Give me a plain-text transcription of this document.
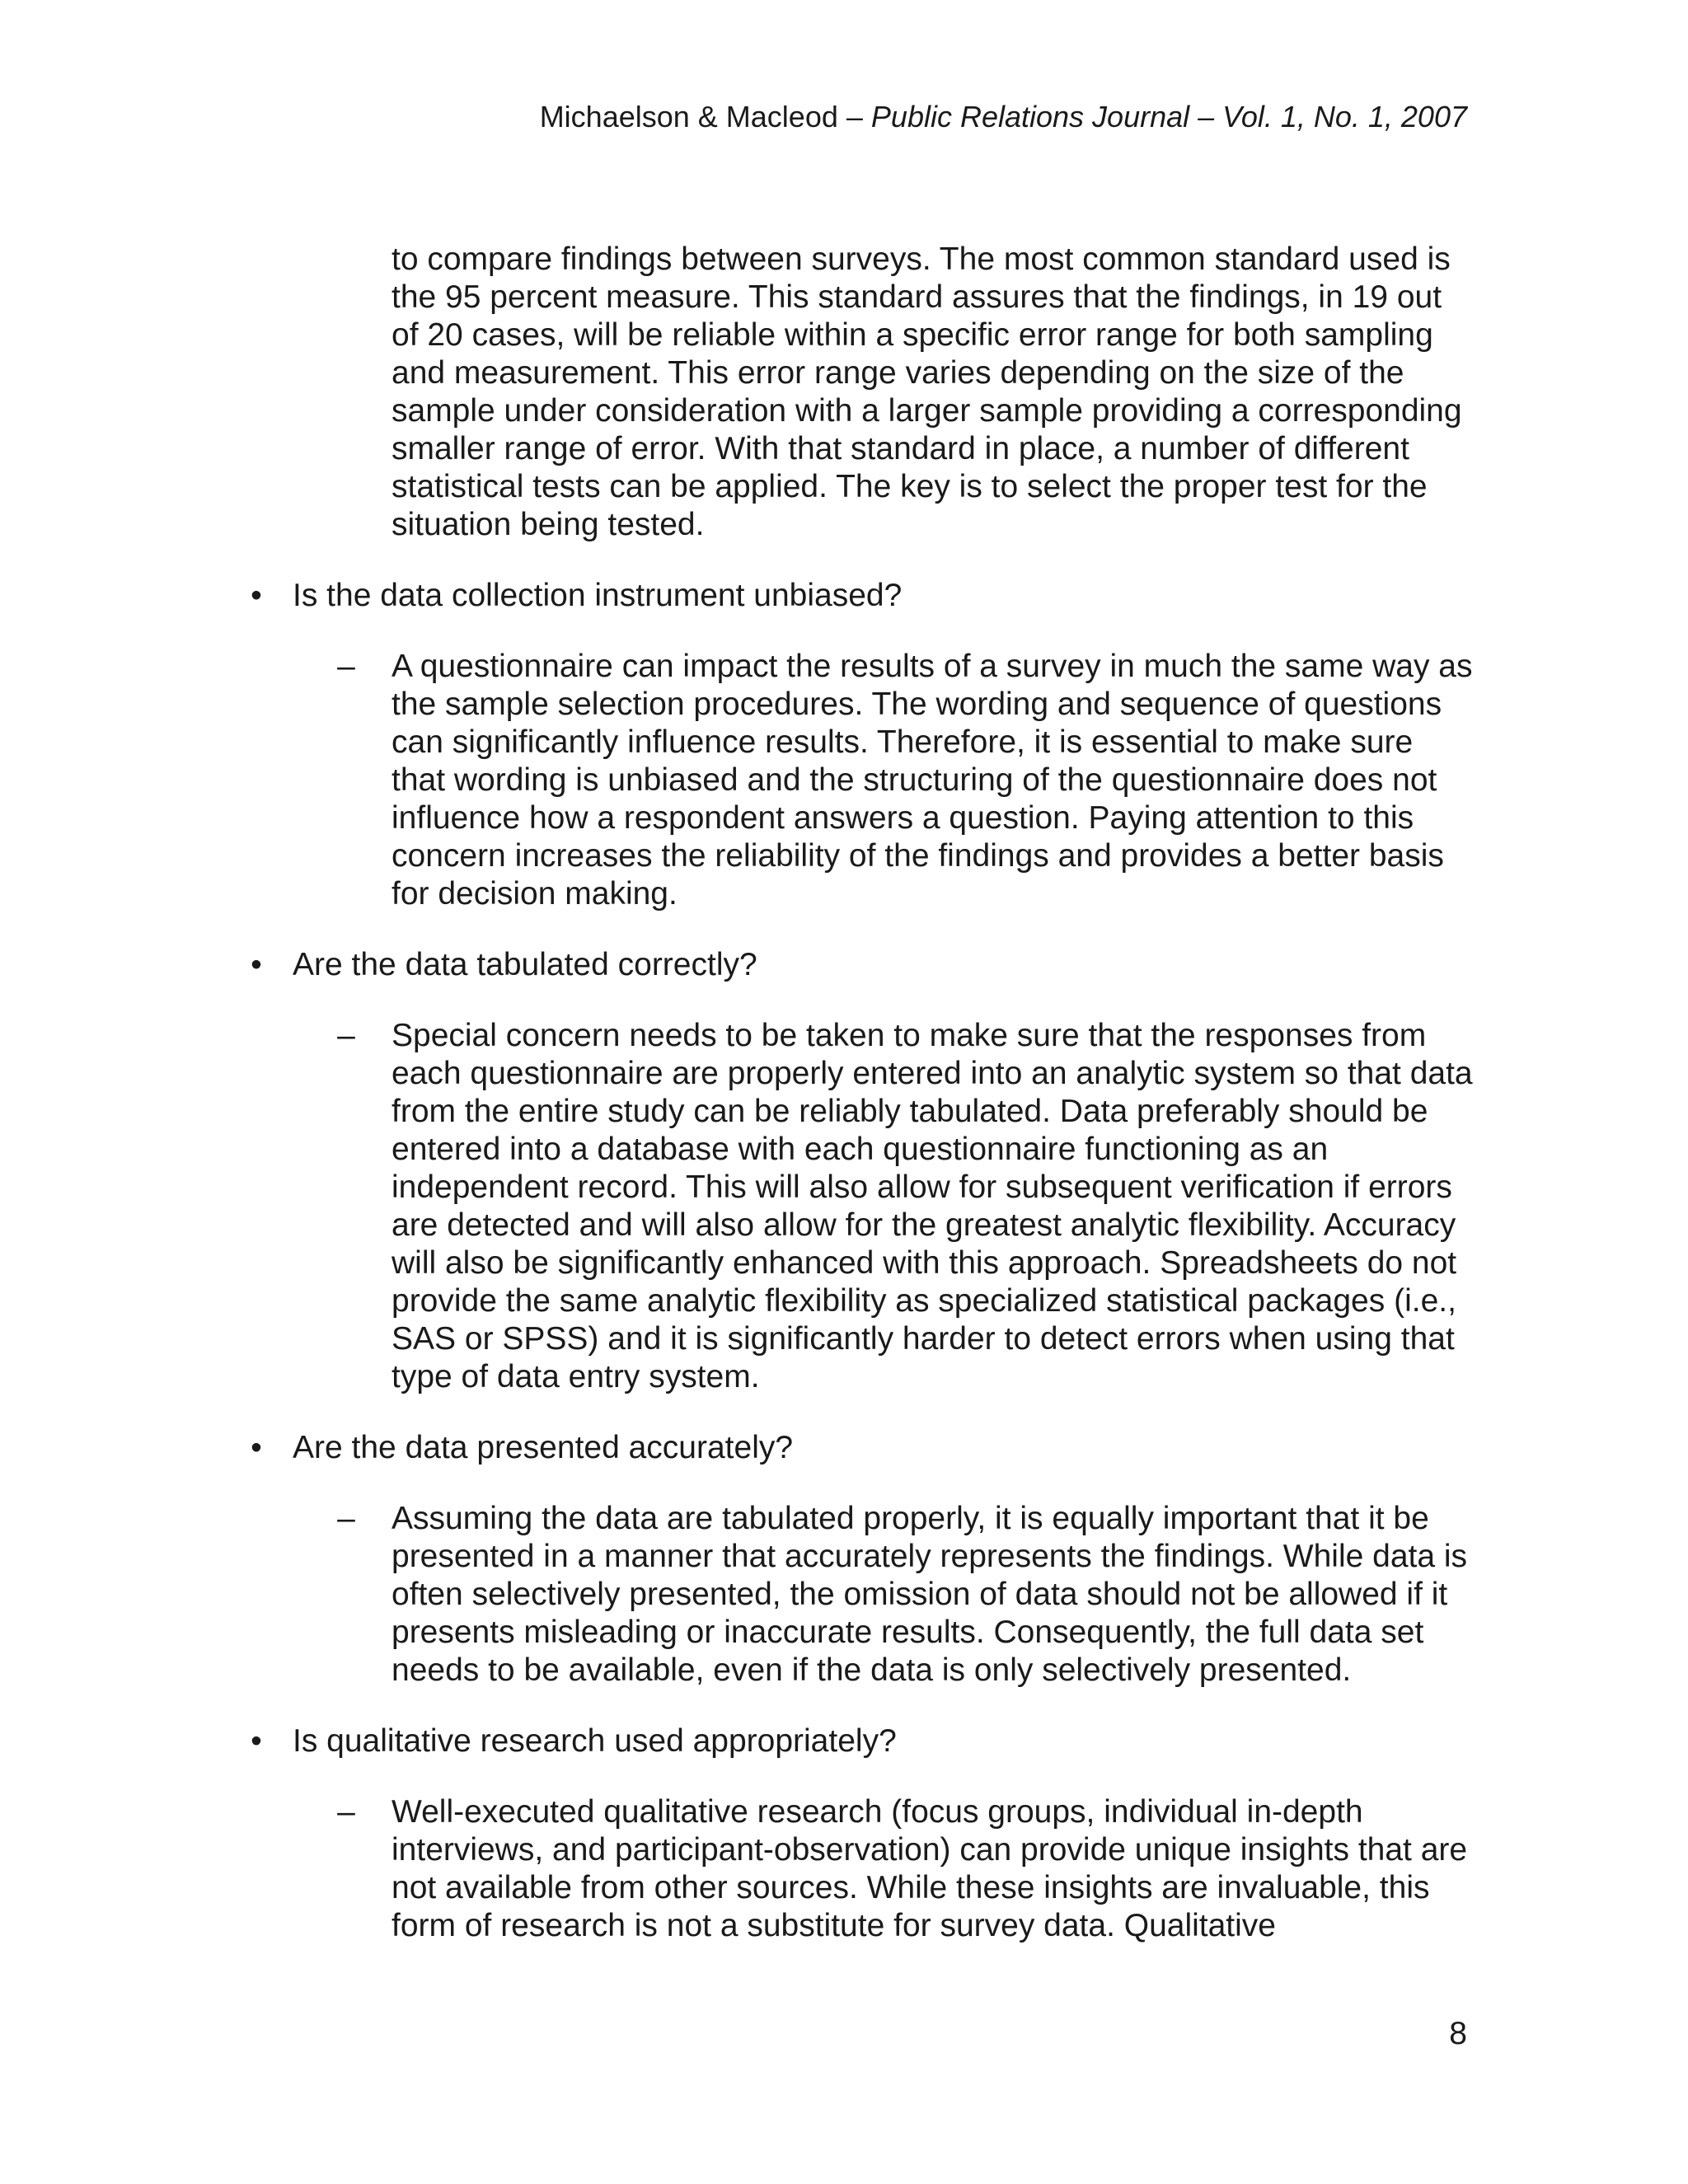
Michaelson & Macleod – Public Relations Journal – Vol. 1, No. 1, 2007

to compare findings between surveys. The most common standard used is the 95 percent measure. This standard assures that the findings, in 19 out of 20 cases, will be reliable within a specific error range for both sampling and measurement. This error range varies depending on the size of the sample under consideration with a larger sample providing a corresponding smaller range of error. With that standard in place, a number of different statistical tests can be applied. The key is to select the proper test for the situation being tested.

• Is the data collection instrument unbiased?
– A questionnaire can impact the results of a survey in much the same way as the sample selection procedures. The wording and sequence of questions can significantly influence results. Therefore, it is essential to make sure that wording is unbiased and the structuring of the questionnaire does not influence how a respondent answers a question. Paying attention to this concern increases the reliability of the findings and provides a better basis for decision making.
• Are the data tabulated correctly?
– Special concern needs to be taken to make sure that the responses from each questionnaire are properly entered into an analytic system so that data from the entire study can be reliably tabulated. Data preferably should be entered into a database with each questionnaire functioning as an independent record. This will also allow for subsequent verification if errors are detected and will also allow for the greatest analytic flexibility. Accuracy will also be significantly enhanced with this approach. Spreadsheets do not provide the same analytic flexibility as specialized statistical packages (i.e., SAS or SPSS) and it is significantly harder to detect errors when using that type of data entry system.
• Are the data presented accurately?
– Assuming the data are tabulated properly, it is equally important that it be presented in a manner that accurately represents the findings. While data is often selectively presented, the omission of data should not be allowed if it presents misleading or inaccurate results. Consequently, the full data set needs to be available, even if the data is only selectively presented.
• Is qualitative research used appropriately?
– Well-executed qualitative research (focus groups, individual in-depth interviews, and participant-observation) can provide unique insights that are not available from other sources. While these insights are invaluable, this form of research is not a substitute for survey data. Qualitative
8
